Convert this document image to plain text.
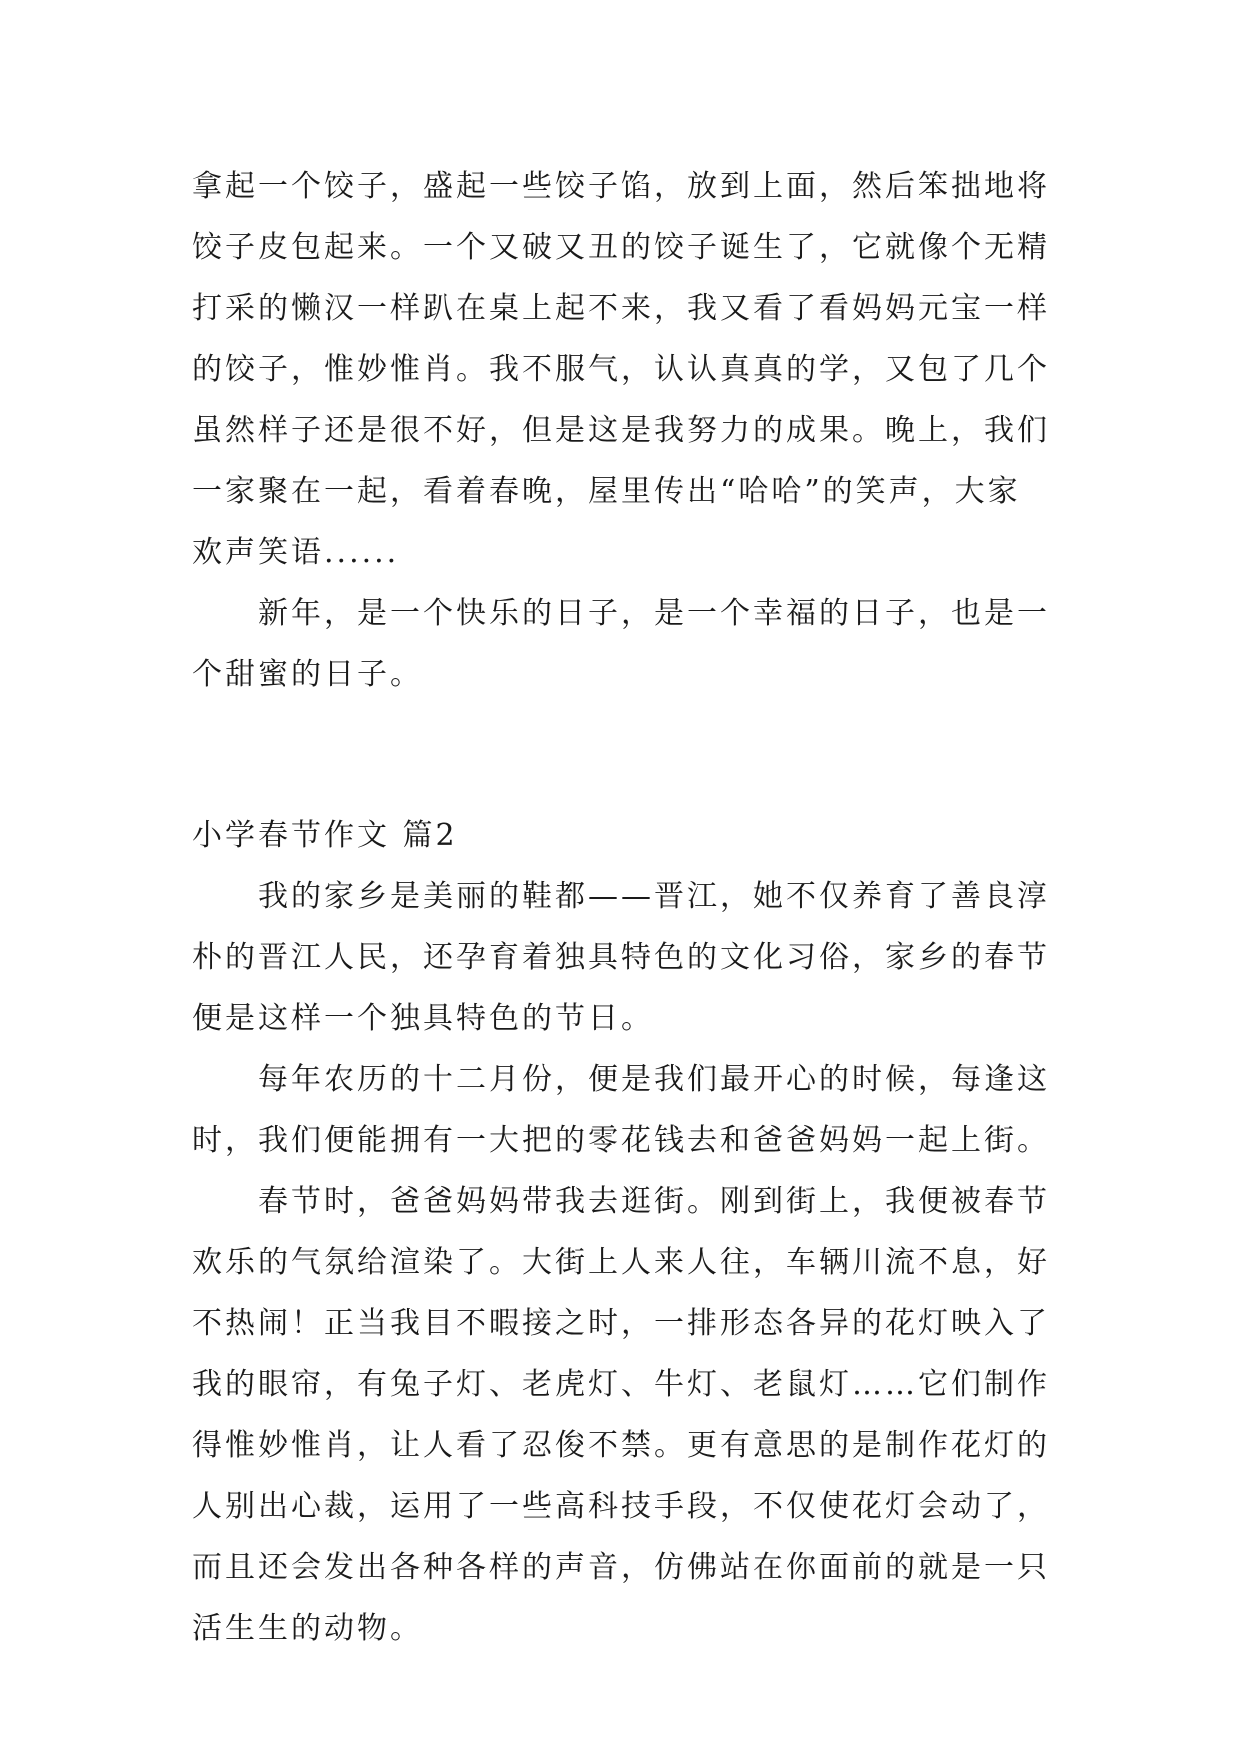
拿起一个饺子，盛起一些饺子馅，放到上面，然后笨拙地将
饺子皮包起来。一个又破又丑的饺子诞生了，它就像个无精
打采的懒汉一样趴在桌上起不来，我又看了看妈妈元宝一样
的饺子，惟妙惟肖。我不服气，认认真真的学，又包了几个
虽然样子还是很不好，但是这是我努力的成果。晚上，我们
一家聚在一起，看着春晚，屋里传出“哈哈”的笑声，大家
欢声笑语......
新年，是一个快乐的日子，是一个幸福的日子，也是一
个甜蜜的日子。
小学春节作文 篇2
我的家乡是美丽的鞋都——晋江，她不仅养育了善良淳
朴的晋江人民，还孕育着独具特色的文化习俗，家乡的春节
便是这样一个独具特色的节日。
每年农历的十二月份，便是我们最开心的时候，每逢这
时，我们便能拥有一大把的零花钱去和爸爸妈妈一起上街。
春节时，爸爸妈妈带我去逛街。刚到街上，我便被春节
欢乐的气氛给渲染了。大街上人来人往，车辆川流不息，好
不热闹！正当我目不暇接之时，一排形态各异的花灯映入了
我的眼帘，有兔子灯、老虎灯、牛灯、老鼠灯……它们制作
得惟妙惟肖，让人看了忍俊不禁。更有意思的是制作花灯的
人别出心裁，运用了一些高科技手段，不仅使花灯会动了，
而且还会发出各种各样的声音，仿佛站在你面前的就是一只
活生生的动物。
